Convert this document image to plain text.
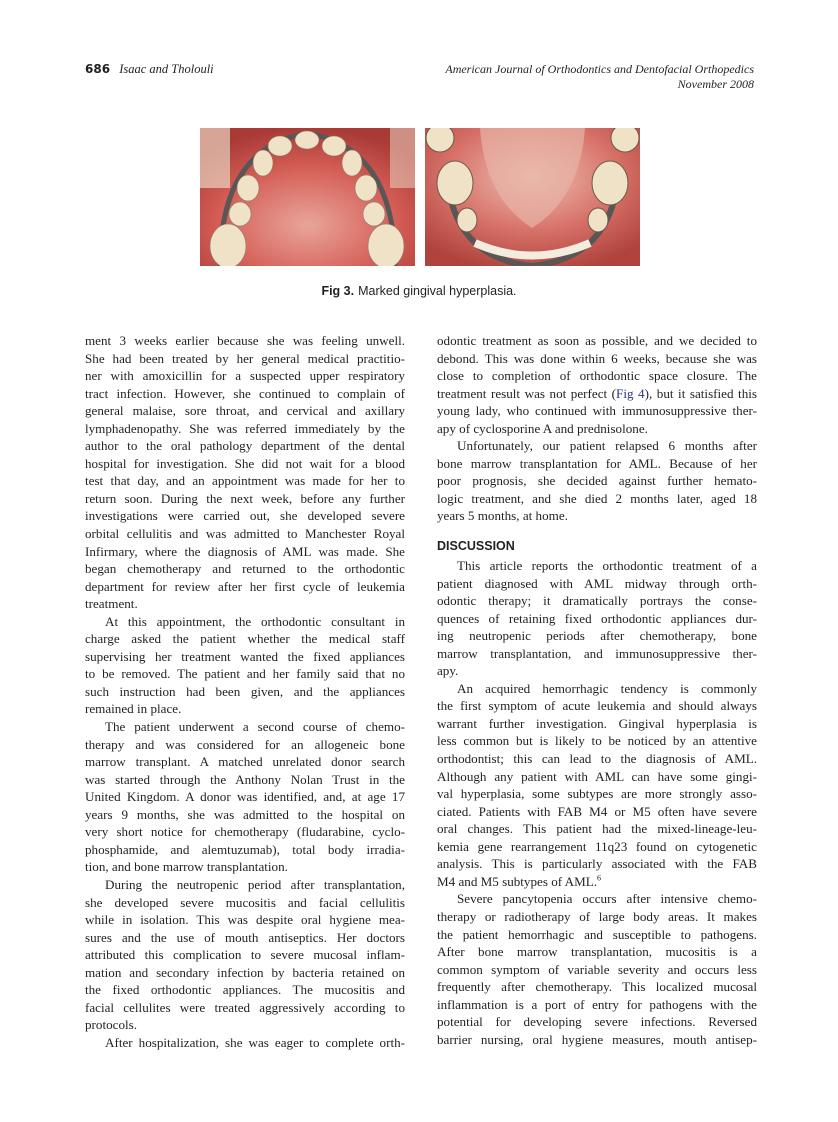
686 Isaac and Tholouli	American Journal of Orthodontics and Dentofacial Orthopedics
November 2008
Fig 3. Marked gingival hyperplasia.
ment 3 weeks earlier because she was feeling unwell.
She had been treated by her general medical practitio-
ner with amoxicillin for a suspected upper respiratory
tract infection. However, she continued to complain of
general malaise, sore throat, and cervical and axillary
lymphadenopathy. She was referred immediately by the
author to the oral pathology department of the dental
hospital for investigation. She did not wait for a blood
test that day, and an appointment was made for her to
return soon. During the next week, before any further
investigations were carried out, she developed severe
orbital cellulitis and was admitted to Manchester Royal
Infirmary, where the diagnosis of AML was made. She
began chemotherapy and returned to the orthodontic
department for review after her first cycle of leukemia
treatment.
At this appointment, the orthodontic consultant in
charge asked the patient whether the medical staff
supervising her treatment wanted the fixed appliances
to be removed. The patient and her family said that no
such instruction had been given, and the appliances
remained in place.
The patient underwent a second course of chemo-
therapy and was considered for an allogeneic bone
marrow transplant. A matched unrelated donor search
was started through the Anthony Nolan Trust in the
United Kingdom. A donor was identified, and, at age 17
years 9 months, she was admitted to the hospital on
very short notice for chemotherapy (fludarabine, cyclo-
phosphamide, and alemtuzumab), total body irradia-
tion, and bone marrow transplantation.
During the neutropenic period after transplantation,
she developed severe mucositis and facial cellulitis
while in isolation. This was despite oral hygiene mea-
sures and the use of mouth antiseptics. Her doctors
attributed this complication to severe mucosal inflam-
mation and secondary infection by bacteria retained on
the fixed orthodontic appliances. The mucositis and
facial cellulites were treated aggressively according to
protocols.
After hospitalization, she was eager to complete orth-
odontic treatment as soon as possible, and we decided to
debond. This was done within 6 weeks, because she was
close to completion of orthodontic space closure. The
treatment result was not perfect (Fig 4), but it satisfied this
young lady, who continued with immunosuppressive ther-
apy of cyclosporine A and prednisolone.
Unfortunately, our patient relapsed 6 months after
bone marrow transplantation for AML. Because of her
poor prognosis, she decided against further hemato-
logic treatment, and she died 2 months later, aged 18
years 5 months, at home.
DISCUSSION
This article reports the orthodontic treatment of a
patient diagnosed with AML midway through orth-
odontic therapy; it dramatically portrays the conse-
quences of retaining fixed orthodontic appliances dur-
ing neutropenic periods after chemotherapy, bone
marrow transplantation, and immunosuppressive ther-
apy.
An acquired hemorrhagic tendency is commonly
the first symptom of acute leukemia and should always
warrant further investigation. Gingival hyperplasia is
less common but is likely to be noticed by an attentive
orthodontist; this can lead to the diagnosis of AML.
Although any patient with AML can have some gingi-
val hyperplasia, some subtypes are more strongly asso-
ciated. Patients with FAB M4 or M5 often have severe
oral changes. This patient had the mixed-lineage-leu-
kemia gene rearrangement 11q23 found on cytogenetic
analysis. This is particularly associated with the FAB
M4 and M5 subtypes of AML.$^6$
Severe pancytopenia occurs after intensive chemo-
therapy or radiotherapy of large body areas. It makes
the patient hemorrhagic and susceptible to pathogens.
After bone marrow transplantation, mucositis is a
common symptom of variable severity and occurs less
frequently after chemotherapy. This localized mucosal
inflammation is a port of entry for pathogens with the
potential for developing severe infections. Reversed
barrier nursing, oral hygiene measures, mouth antisep-
